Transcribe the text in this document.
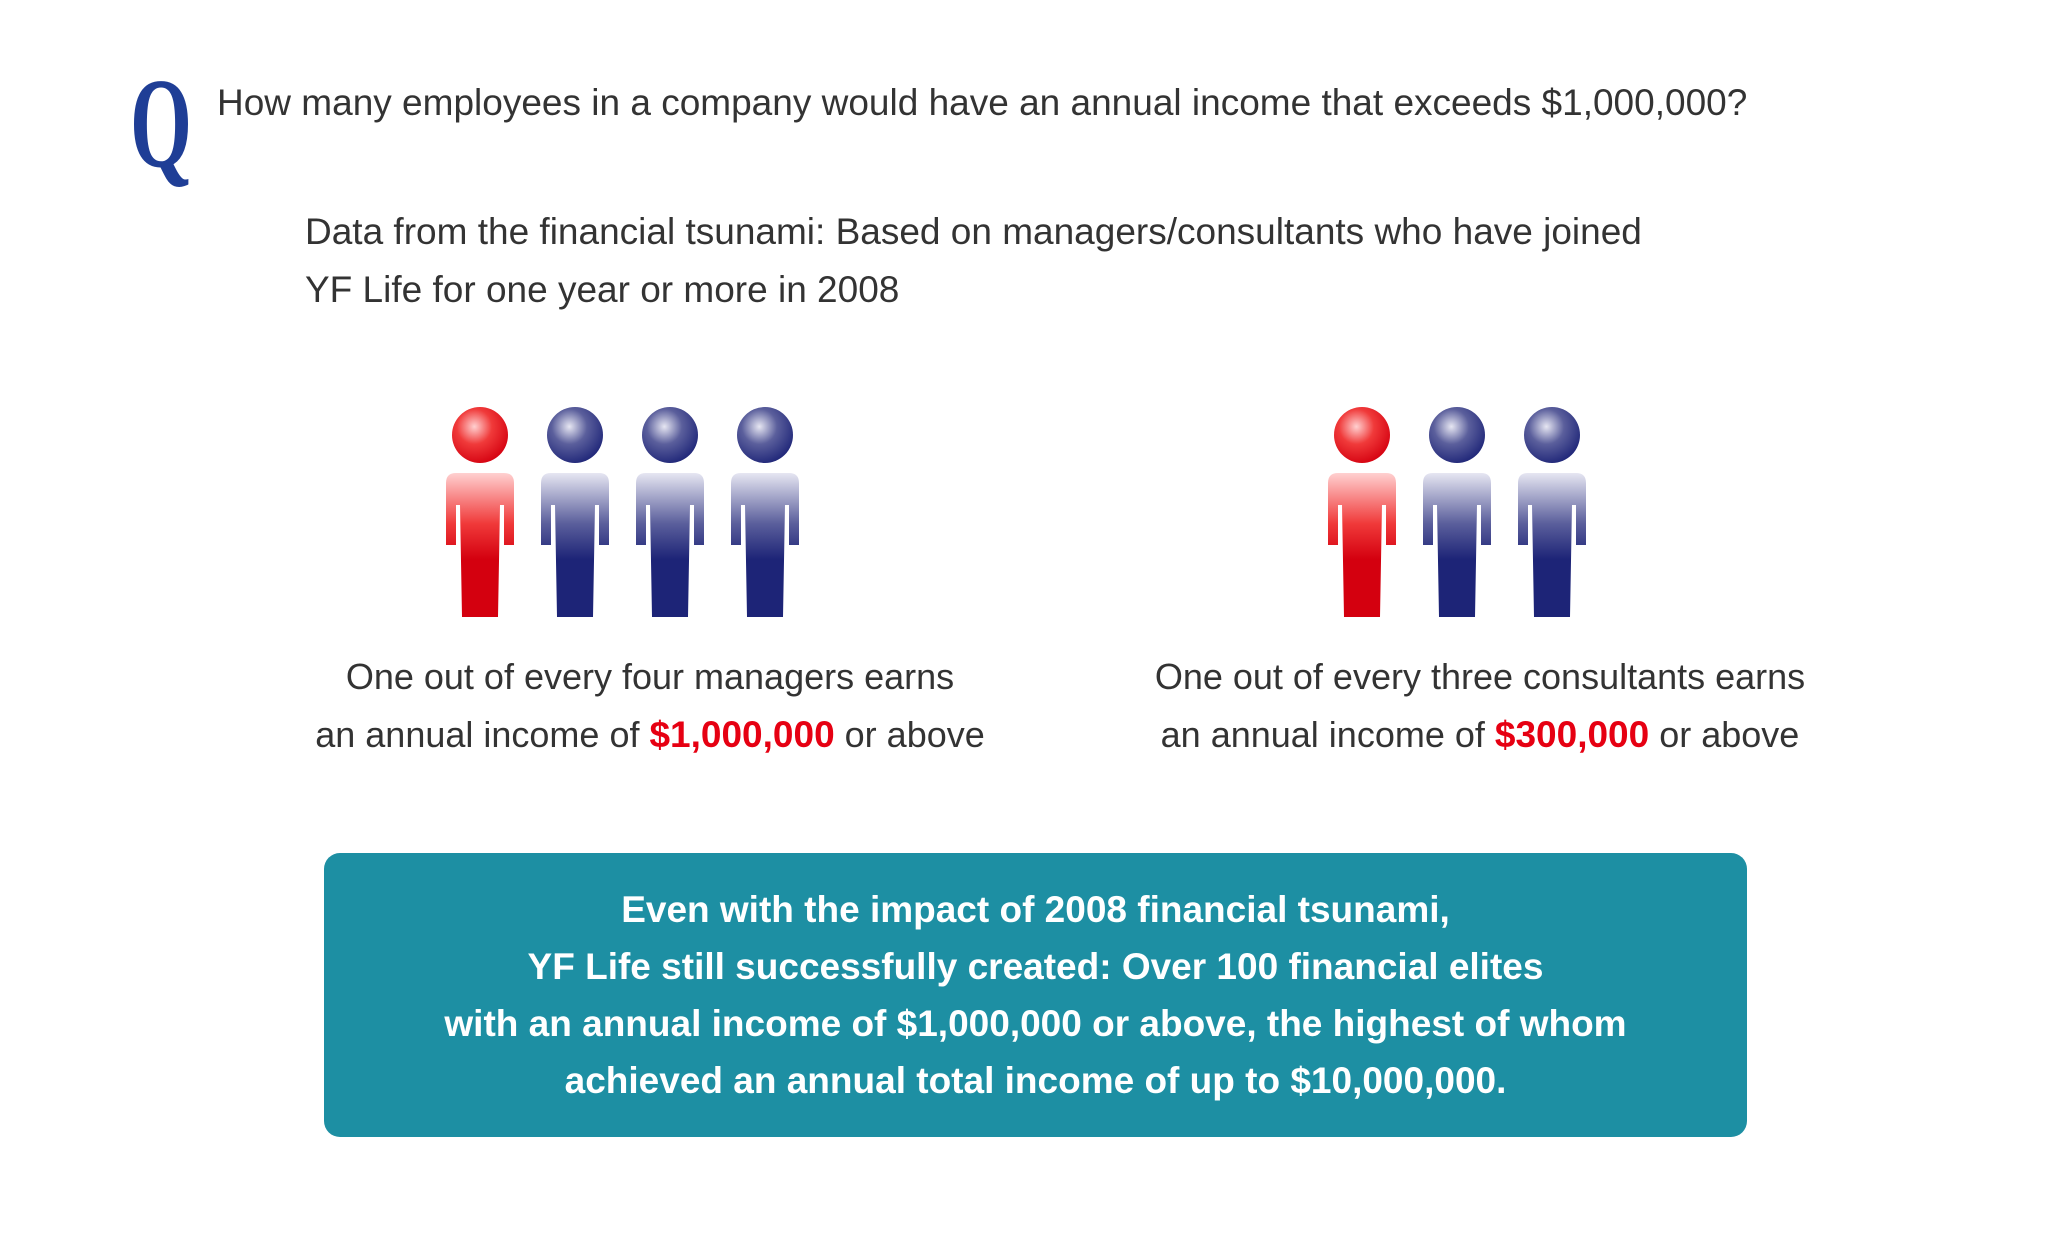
Q How many employees in a company would have an annual income that exceeds $1,000,000?
Data from the financial tsunami: Based on managers/consultants who have joined
YF Life for one year or more in 2008
One out of every four managers earns
an annual income of $1,000,000 or above
One out of every three consultants earns
an annual income of $300,000 or above
Even with the impact of 2008 financial tsunami,
YF Life still successfully created: Over 100 financial elites
with an annual income of $1,000,000 or above, the highest of whom
achieved an annual total income of up to $10,000,000.
